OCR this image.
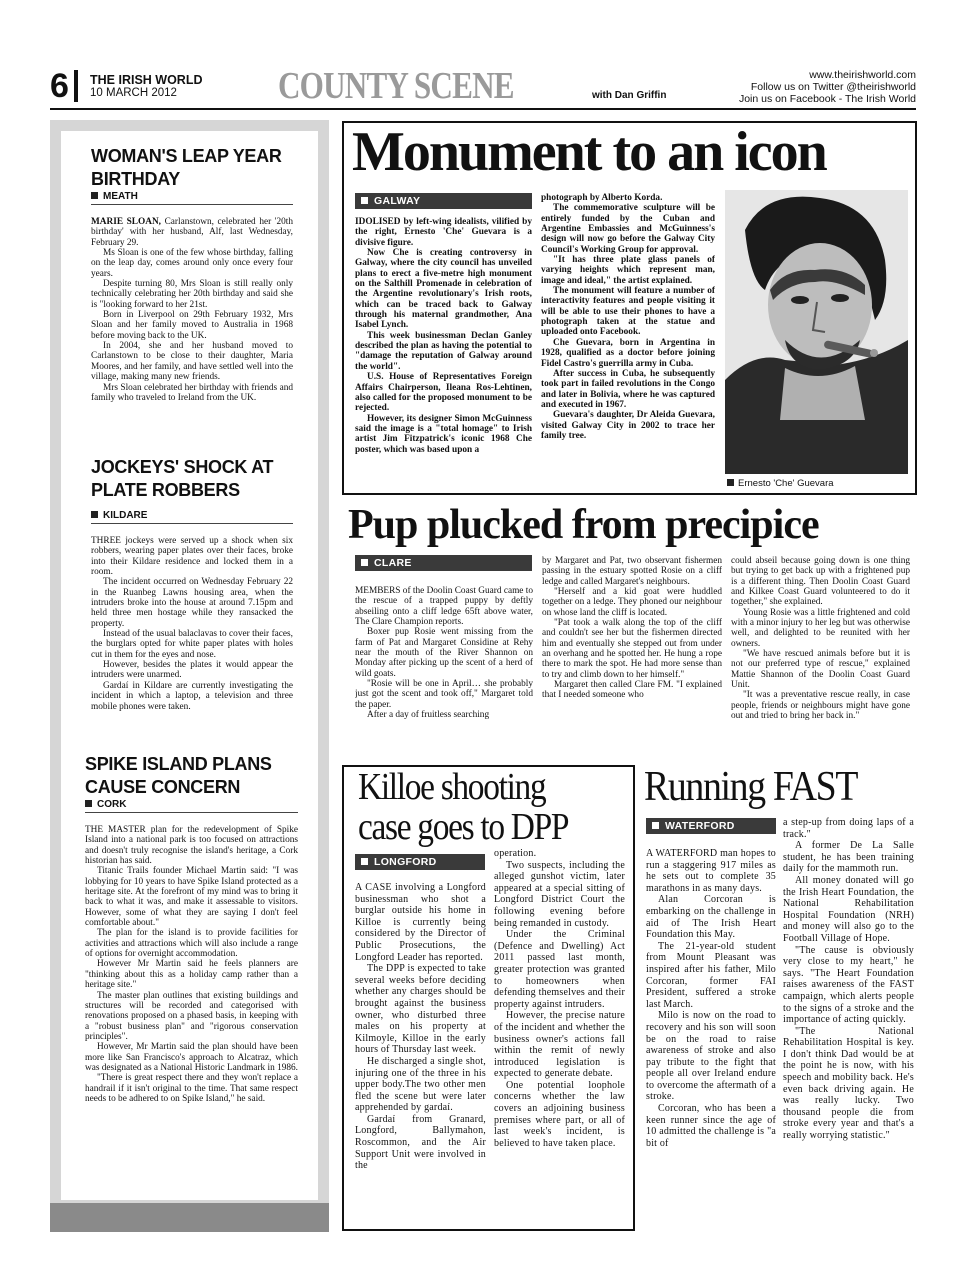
6 THE IRISH WORLD
10 MARCH 2012	COUNTY SCENE	with Dan Griffin
www.theirishworld.com
Follow us on Twitter @theirishworld
Join us on Facebook - The Irish World
WOMAN'S LEAP YEAR BIRTHDAY
MEATH

MARIE SLOAN, Carlanstown, celebrated her '20th birthday' with her husband, Alf, last Wednesday, February 29.

Ms Sloan is one of the few whose birthday, falling on the leap day, comes around only once every four years.

Despite turning 80, Mrs Sloan is still really only technically celebrating her 20th birthday and said she is "looking forward to her 21st.

Born in Liverpool on 29th February 1932, Mrs Sloan and her family moved to Australia in 1968 before moving back to the UK.

In 2004, she and her husband moved to Carlanstown to be close to their daughter, Maria Moores, and her family, and have settled well into the village, making many new friends.

Mrs Sloan celebrated her birthday with friends and family who traveled to Ireland from the UK.

JOCKEYS' SHOCK AT PLATE ROBBERS
KILDARE

THREE jockeys were served up a shock when six robbers, wearing paper plates over their faces, broke into their Kildare residence and locked them in a room.

The incident occurred on Wednesday February 22 in the Ruanbeg Lawns housing area, when the intruders broke into the house at around 7.15pm and held three men hostage while they ransacked the property.

Instead of the usual balaclavas to cover their faces, the burglars opted for white paper plates with holes cut in them for the eyes and nose.

However, besides the plates it would appear the intruders were unarmed.

Gardaí in Kildare are currently investigating the incident in which a laptop, a television and three mobile phones were taken.

SPIKE ISLAND PLANS CAUSE CONCERN
CORK

THE MASTER plan for the redevelopment of Spike Island into a national park is too focused on attractions and doesn't truly recognise the island's heritage, a Cork historian has said.

Titanic Trails founder Michael Martin said: "I was lobbying for 10 years to have Spike Island protected as a heritage site. At the forefront of my mind was to bring it back to what it was, and make it assessable to visitors. However, some of what they are saying I don't feel comfortable about."

The plan for the island is to provide facilities for activities and attractions which will also include a range of options for overnight accommodation.

However Mr Martin said he feels planners are "thinking about this as a holiday camp rather than a heritage site."

The master plan outlines that existing buildings and structures will be recorded and categorised with renovations proposed on a phased basis, in keeping with a "robust business plan" and "rigorous conservation principles".

However, Mr Martin said the plan should have been more like San Francisco's approach to Alcatraz, which was designated as a National Historic Landmark in 1986.

"There is great respect there and they won't replace a handrail if it isn't original to the time. That same respect needs to be adhered to on Spike Island," he said.

Monument to an icon
GALWAY

IDOLISED by left-wing idealists, vilified by the right, Ernesto 'Che' Guevara is a divisive figure.

Now Che is creating controversy in Galway, where the city council has unveiled plans to erect a five-metre high monument on the Salthill Promenade in celebration of the Argentine revolutionary's Irish roots, which can be traced back to Galway through his maternal grandmother, Ana Isabel Lynch.

This week businessman Declan Ganley described the plan as having the potential to "damage the reputation of Galway around the world".

U.S. House of Representatives Foreign Affairs Chairperson, Ileana Ros-Lehtinen, also called for the proposed monument to be rejected.

However, its designer Simon McGuinness said the image is a "total homage" to Irish artist Jim Fitzpatrick's iconic 1968 Che poster, which was based upon a

photograph by Alberto Korda.

The commemorative sculpture will be entirely funded by the Cuban and Argentine Embassies and McGuinness's design will now go before the Galway City Council's Working Group for approval.

"It has three plate glass panels of varying heights which represent man, image and ideal," the artist explained.

The monument will feature a number of interactivity features and people visiting it will be able to use their phones to have a photograph taken at the statue and uploaded onto Facebook.

Che Guevara, born in Argentina in 1928, qualified as a doctor before joining Fidel Castro's guerrilla army in Cuba.

After success in Cuba, he subsequently took part in failed revolutions in the Congo and later in Bolivia, where he was captured and executed in 1967.

Guevara's daughter, Dr Aleida Guevara, visited Galway City in 2002 to trace her family tree.

Ernesto 'Che' Guevara
Pup plucked from precipice
CLARE

MEMBERS of the Doolin Coast Guard came to the rescue of a trapped puppy by deftly abseiling onto a cliff ledge 65ft above water, The Clare Champion reports.

Boxer pup Rosie went missing from the farm of Pat and Margaret Considine at Rehy near the mouth of the River Shannon on Monday after picking up the scent of a herd of wild goats.

"Rosie will be one in April… she probably just got the scent and took off," Margaret told the paper.

After a day of fruitless searching

by Margaret and Pat, two observant fishermen passing in the estuary spotted Rosie on a cliff ledge and called Margaret's neighbours.

"Herself and a kid goat were huddled together on a ledge. They phoned our neighbour on whose land the cliff is located.

"Pat took a walk along the top of the cliff and couldn't see her but the fishermen directed him and eventually she stepped out from under an overhang and he spotted her. He hung a rope there to mark the spot. He had more sense than to try and climb down to her himself."

Margaret then called Clare FM. "I explained that I needed someone who

could abseil because going down is one thing but trying to get back up with a frightened pup is a different thing. Then Doolin Coast Guard and Kilkee Coast Guard volunteered to do it together," she explained.

Young Rosie was a little frightened and cold with a minor injury to her leg but was otherwise well, and delighted to be reunited with her owners.

"We have rescued animals before but it is not our preferred type of rescue," explained Mattie Shannon of the Doolin Coast Guard Unit.

"It was a preventative rescue really, in case people, friends or neighbours might have gone out and tried to bring her back in."

Killoe shooting
case goes to DPP
LONGFORD

A CASE involving a Longford businessman who shot a burglar outside his home in Killoe is currently being considered by the Director of Public Prosecutions, the Longford Leader has reported.

The DPP is expected to take several weeks before deciding whether any charges should be brought against the business owner, who disturbed three males on his property at Kilmoyle, Killoe in the early hours of Thursday last week.

He discharged a single shot, injuring one of the three in his upper body.The two other men fled the scene but were later apprehended by gardaí.

Gardaí from Granard, Longford, Ballymahon, Roscommon, and the Air Support Unit were involved in the

operation.

Two suspects, including the alleged gunshot victim, later appeared at a special sitting of Longford District Court the following evening before being remanded in custody.

Under the Criminal (Defence and Dwelling) Act 2011 passed last month, greater protection was granted to homeowners when defending themselves and their property against intruders.

However, the precise nature of the incident and whether the business owner's actions fall within the remit of newly introduced legislation is expected to generate debate.

One potential loophole concerns whether the law covers an adjoining business premises where part, or all of last week's incident, is believed to have taken place.

Running FAST
WATERFORD

A WATERFORD man hopes to run a staggering 917 miles as he sets out to complete 35 marathons in as many days.

Alan Corcoran is embarking on the challenge in aid of The Irish Heart Foundation this May.

The 21-year-old student from Mount Pleasant was inspired after his father, Milo Corcoran, former FAI President, suffered a stroke last March.

Milo is now on the road to recovery and his son will soon be on the road to raise awareness of stroke and also pay tribute to the fight that people all over Ireland endure to overcome the aftermath of a stroke.

Corcoran, who has been a keen runner since the age of 10 admitted the challenge is "a bit of

a step-up from doing laps of a track."

A former De La Salle student, he has been training daily for the mammoth run.

All money donated will go the Irish Heart Foundation, the National Rehabilitation Hospital Foundation (NRH) and money will also go to the Football Village of Hope.

"The cause is obviously very close to my heart," he says. "The Heart Foundation raises awareness of the FAST campaign, which alerts people to the signs of a stroke and the importance of acting quickly.

"The National Rehabilitation Hospital is key. I don't think Dad would be at the point he is now, with his speech and mobility back. He's even back driving again. He was really lucky. Two thousand people die from stroke every year and that's a really worrying statistic."
